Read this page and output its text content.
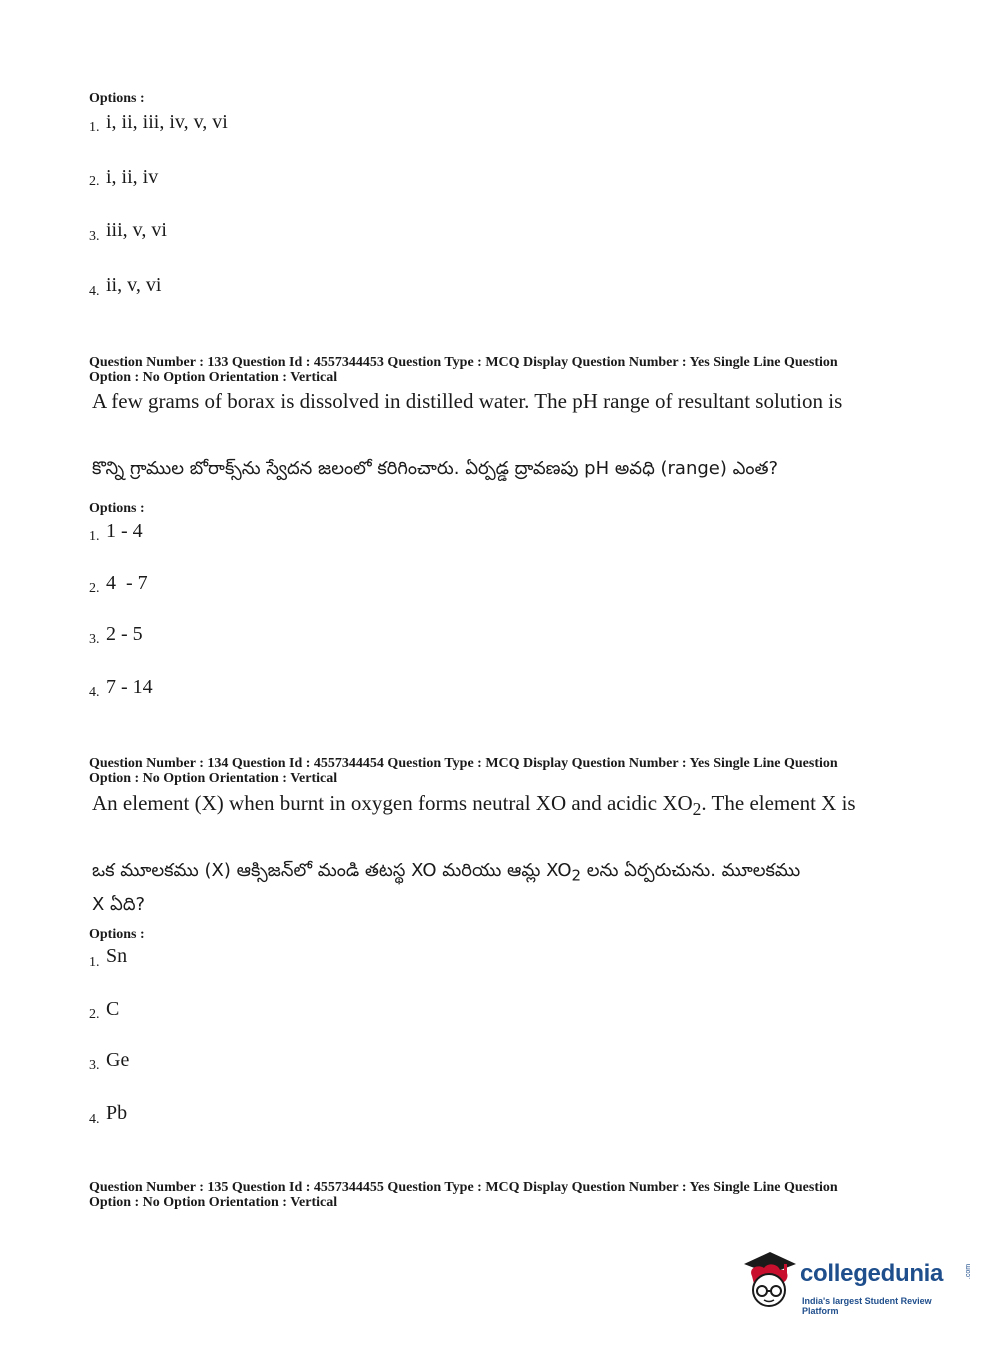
Options :
1. i, ii, iii, iv, v, vi
2. i, ii, iv
3. iii, v, vi
4. ii, v, vi
Question Number : 133 Question Id : 4557344453 Question Type : MCQ Display Question Number : Yes Single Line Question
Option : No Option Orientation : Vertical
A few grams of borax is dissolved in distilled water. The pH range of resultant solution is
కొన్ని గ్రాముల బోరాక్స్‌ను స్వేదన జలంలో కరిగించారు. ఏర్పడ్డ ద్రావణపు pH అవధి (range) ఎంత?
Options :
1. 1 - 4
2. 4  - 7
3. 2 - 5
4. 7 - 14
Question Number : 134 Question Id : 4557344454 Question Type : MCQ Display Question Number : Yes Single Line Question
Option : No Option Orientation : Vertical
An element (X) when burnt in oxygen forms neutral XO and acidic $XO_2$. The element X is
ఒక మూలకము (X) ఆక్సిజన్‌లో మండి తటస్థ XO మరియు ఆమ్ల $XO_2$ లను ఏర్పరుచును. మూలకము
X ఏది?
Options :
1. Sn
2. C
3. Ge
4. Pb
Question Number : 135 Question Id : 4557344455 Question Type : MCQ Display Question Number : Yes Single Line Question
Option : No Option Orientation : Vertical
collegedunia	.com
India's largest Student Review Platform
